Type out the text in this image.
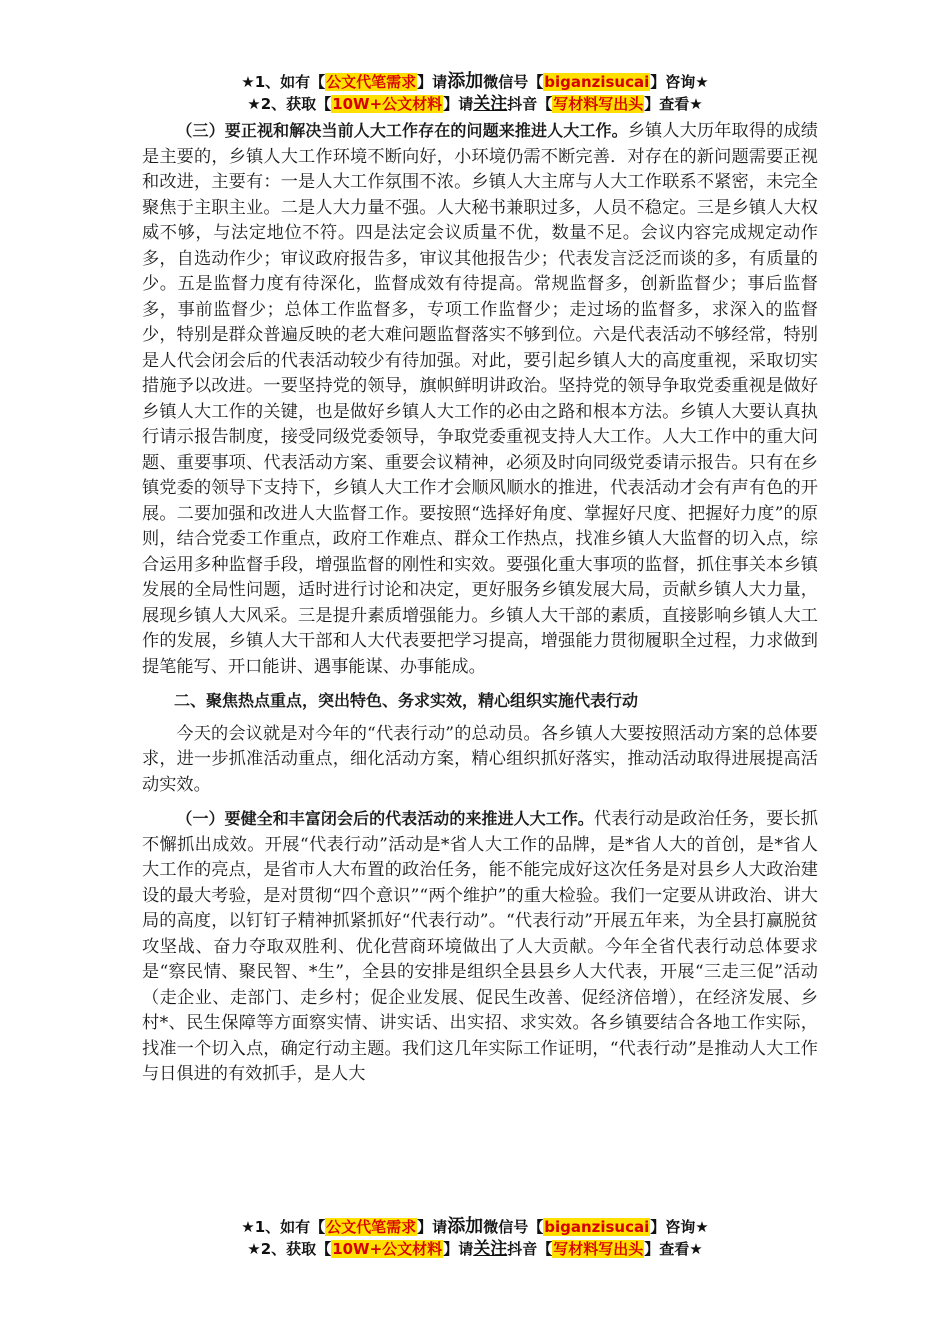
★1、如有【公文代笔需求】请添加微信号【biganzisucai】咨询★
★2、获取【10W+公文材料】请关注抖音【写材料写出头】查看★

（三）要正视和解决当前人大工作存在的问题来推进人大工作。乡镇人大历年取得的成绩是主要的，乡镇人大工作环境不断向好，小环境仍需不断完善．对存在的新问题需要正视和改进，主要有：一是人大工作氛围不浓。乡镇人大主席与人大工作联系不紧密，未完全聚焦于主职主业。二是人大力量不强。人大秘书兼职过多，人员不稳定。三是乡镇人大权威不够，与法定地位不符。四是法定会议质量不优，数量不足。会议内容完成规定动作多，自选动作少；审议政府报告多，审议其他报告少；代表发言泛泛而谈的多，有质量的少。五是监督力度有待深化，监督成效有待提高。常规监督多，创新监督少；事后监督多，事前监督少；总体工作监督多，专项工作监督少；走过场的监督多，求深入的监督少，特别是群众普遍反映的老大难问题监督落实不够到位。六是代表活动不够经常，特别是人代会闭会后的代表活动较少有待加强。对此，要引起乡镇人大的高度重视，采取切实措施予以改进。一要坚持党的领导，旗帜鲜明讲政治。坚持党的领导争取党委重视是做好乡镇人大工作的关键，也是做好乡镇人大工作的必由之路和根本方法。乡镇人大要认真执行请示报告制度，接受同级党委领导，争取党委重视支持人大工作。人大工作中的重大问题、重要事项、代表活动方案、重要会议精神，必须及时向同级党委请示报告。只有在乡镇党委的领导下支持下，乡镇人大工作才会顺风顺水的推进，代表活动才会有声有色的开展。二要加强和改进人大监督工作。要按照“选择好角度、掌握好尺度、把握好力度”的原则，结合党委工作重点，政府工作难点、群众工作热点，找准乡镇人大监督的切入点，综合运用多种监督手段，增强监督的刚性和实效。要强化重大事项的监督，抓住事关本乡镇发展的全局性问题，适时进行讨论和决定，更好服务乡镇发展大局，贡献乡镇人大力量，展现乡镇人大风采。三是提升素质增强能力。乡镇人大干部的素质，直接影响乡镇人大工作的发展，乡镇人大干部和人大代表要把学习提高，增强能力贯彻履职全过程，力求做到提笔能写、开口能讲、遇事能谋、办事能成。

二、聚焦热点重点，突出特色、务求实效，精心组织实施代表行动

今天的会议就是对今年的“代表行动”的总动员。各乡镇人大要按照活动方案的总体要求，进一步抓准活动重点，细化活动方案，精心组织抓好落实，推动活动取得进展提高活动实效。

（一）要健全和丰富闭会后的代表活动的来推进人大工作。代表行动是政治任务，要长抓不懈抓出成效。开展“代表行动”活动是*省人大工作的品牌，是*省人大的首创，是*省人大工作的亮点，是省市人大布置的政治任务，能不能完成好这次任务是对县乡人大政治建设的最大考验，是对贯彻“四个意识”“两个维护”的重大检验。我们一定要从讲政治、讲大局的高度，以钉钉子精神抓紧抓好“代表行动”。“代表行动”开展五年来，为全县打赢脱贫攻坚战、奋力夺取双胜利、优化营商环境做出了人大贡献。今年全省代表行动总体要求是“察民情、聚民智、*生”，全县的安排是组织全县县乡人大代表，开展“三走三促”活动（走企业、走部门、走乡村；促企业发展、促民生改善、促经济倍增），在经济发展、乡村*、民生保障等方面察实情、讲实话、出实招、求实效。各乡镇要结合各地工作实际，找准一个切入点，确定行动主题。我们这几年实际工作证明，“代表行动”是推动人大工作与日俱进的有效抓手，是人大

★1、如有【公文代笔需求】请添加微信号【biganzisucai】咨询★
★2、获取【10W+公文材料】请关注抖音【写材料写出头】查看★
